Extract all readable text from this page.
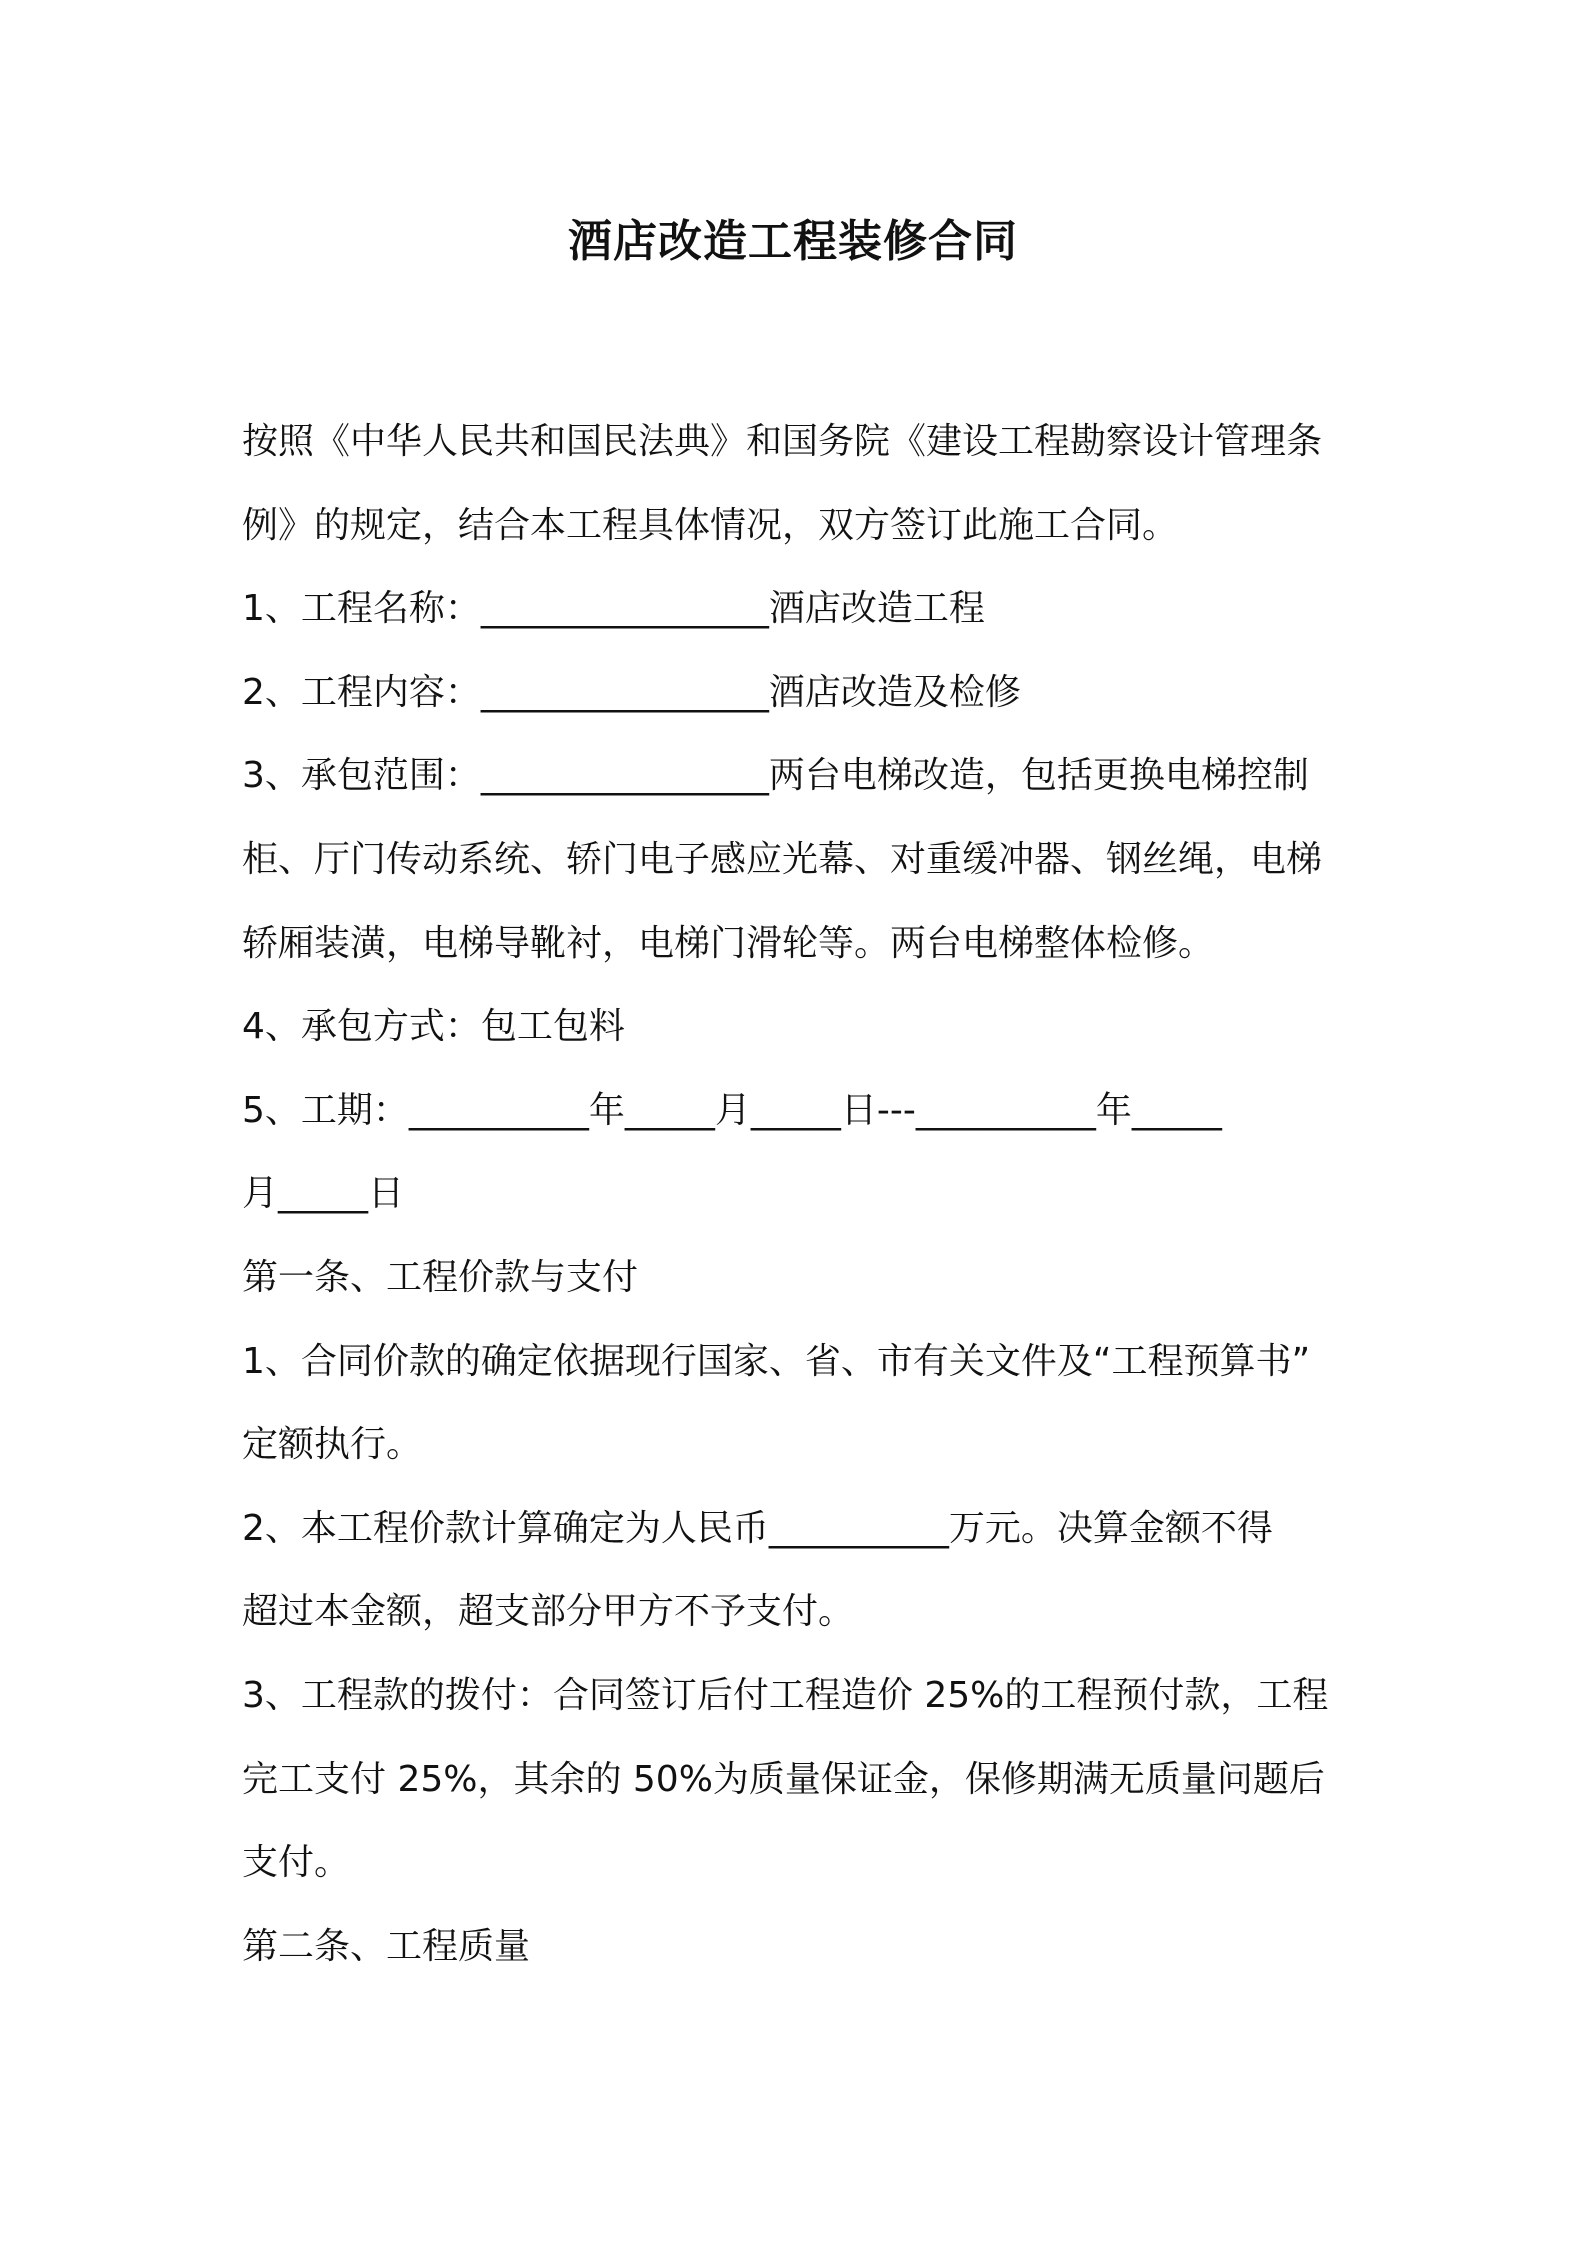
酒店改造工程装修合同
按照《中华人民共和国民法典》和国务院《建设工程勘察设计管理条
例》的规定，结合本工程具体情况，双方签订此施工合同。
1、工程名称：________________酒店改造工程
2、工程内容：________________酒店改造及检修
3、承包范围：________________两台电梯改造，包括更换电梯控制
柜、厅门传动系统、轿门电子感应光幕、对重缓冲器、钢丝绳，电梯
轿厢装潢，电梯导靴衬，电梯门滑轮等。两台电梯整体检修。
4、承包方式：包工包料
5、工期：__________年_____月_____日---__________年_____
月_____日
第一条、工程价款与支付
1、合同价款的确定依据现行国家、省、市有关文件及“工程预算书”
定额执行。
2、本工程价款计算确定为人民币__________万元。决算金额不得
超过本金额，超支部分甲方不予支付。
3、工程款的拨付：合同签订后付工程造价 25%的工程预付款，工程
完工支付 25%，其余的 50%为质量保证金，保修期满无质量问题后
支付。
第二条、工程质量
